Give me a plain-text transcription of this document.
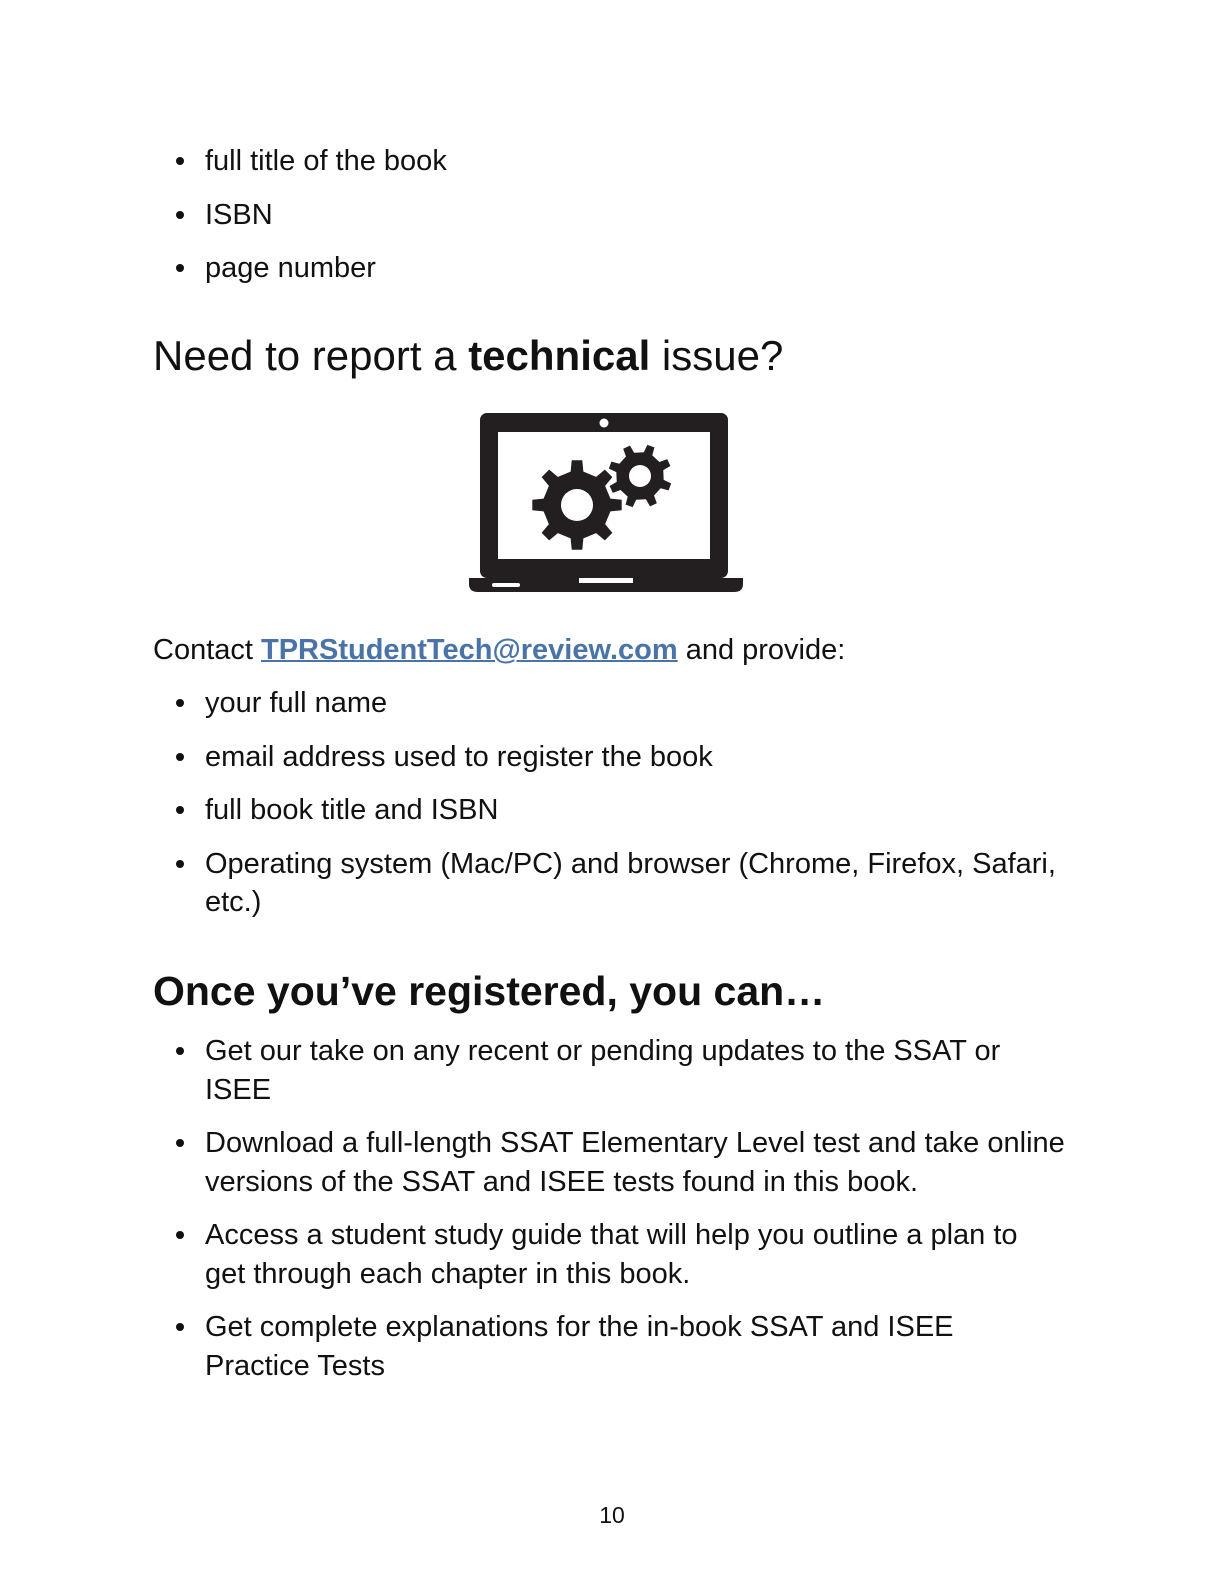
full title of the book
ISBN
page number
Need to report a technical issue?

Contact TPRStudentTech@review.com and provide:

your full name
email address used to register the book
full book title and ISBN
Operating system (Mac/PC) and browser (Chrome, Firefox, Safari, etc.)
Once you’ve registered, you can…
Get our take on any recent or pending updates to the SSAT or ISEE
Download a full-length SSAT Elementary Level test and take online versions of the SSAT and ISEE tests found in this book.
Access a student study guide that will help you outline a plan to get through each chapter in this book.
Get complete explanations for the in-book SSAT and ISEE Practice Tests
10
